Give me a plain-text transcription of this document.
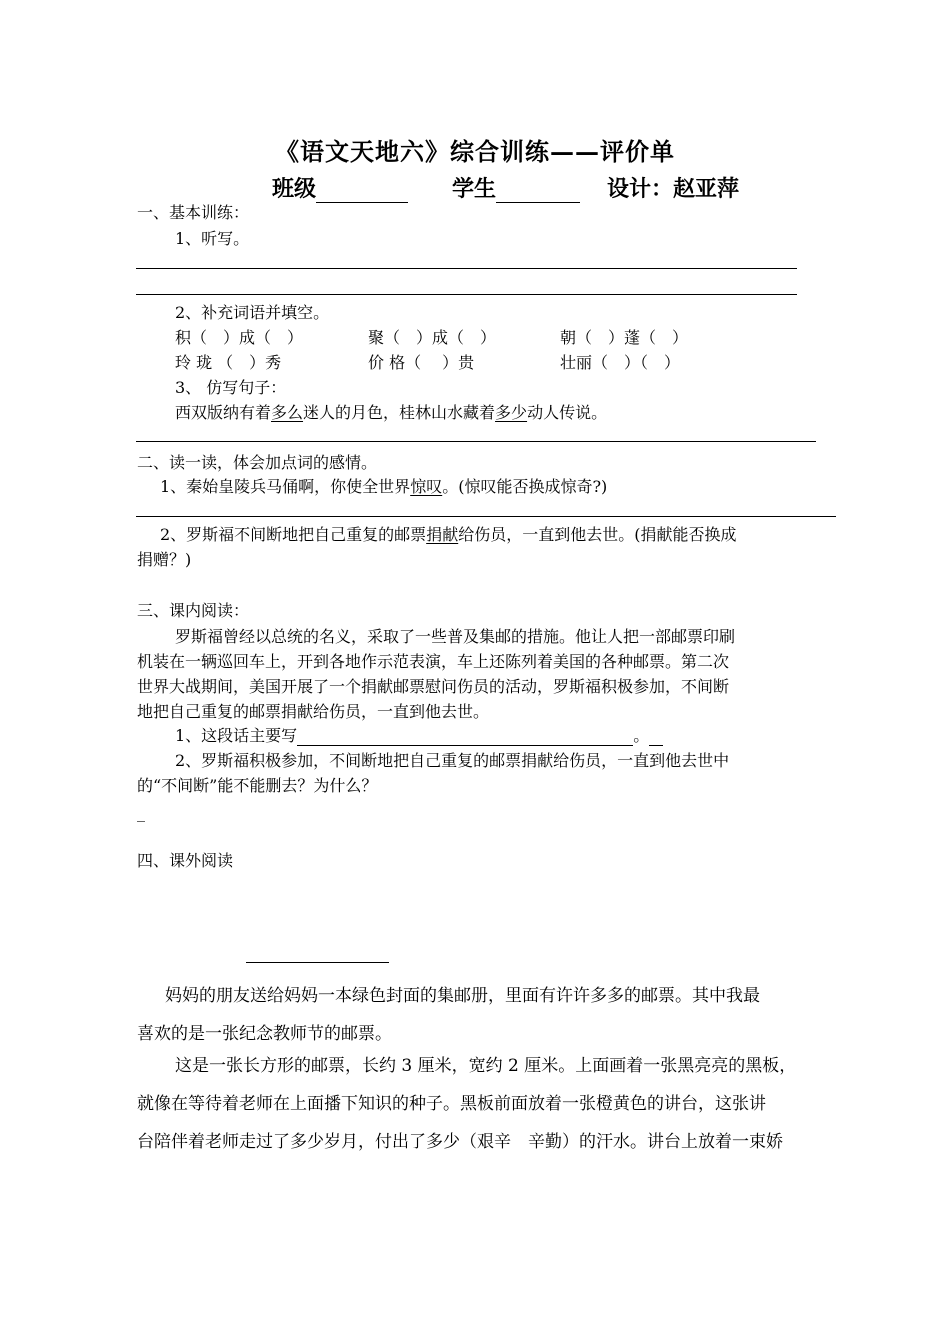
《语文天地六》综合训练——评价单
班级	学生	设计：赵亚萍
一、基本训练：
1、听写。
2、补充词语并填空。
积（　）成（　）	聚（　）成（　）	朝（　）蓬（　）
玲 珑 （　）秀	价 格（　 ）贵	壮丽（　）（　）
3、 仿写句子：
西双版纳有着多么迷人的月色，桂林山水藏着多少动人传说。
二、读一读，体会加点词的感情。
1、秦始皇陵兵马俑啊，你使全世界惊叹。(惊叹能否换成惊奇?)
2、罗斯福不间断地把自己重复的邮票捐献给伤员，一直到他去世。(捐献能否换成
捐赠？)
三、课内阅读：
罗斯福曾经以总统的名义，采取了一些普及集邮的措施。他让人把一部邮票印刷
机装在一辆巡回车上，开到各地作示范表演，车上还陈列着美国的各种邮票。第二次
世界大战期间，美国开展了一个捐献邮票慰问伤员的活动，罗斯福积极参加，不间断
地把自己重复的邮票捐献给伤员，一直到他去世。
1、这段话主要写	。
2、罗斯福积极参加，不间断地把自己重复的邮票捐献给伤员，一直到他去世中
的“不间断”能不能删去？为什么？
_
四、课外阅读
妈妈的朋友送给妈妈一本绿色封面的集邮册，里面有许许多多的邮票。其中我最
喜欢的是一张纪念教师节的邮票。
这是一张长方形的邮票，长约 3 厘米，宽约 2 厘米。上面画着一张黑亮亮的黑板，
就像在等待着老师在上面播下知识的种子。黑板前面放着一张橙黄色的讲台，这张讲
台陪伴着老师走过了多少岁月，付出了多少（艰辛　辛勤）的汗水。讲台上放着一束娇
